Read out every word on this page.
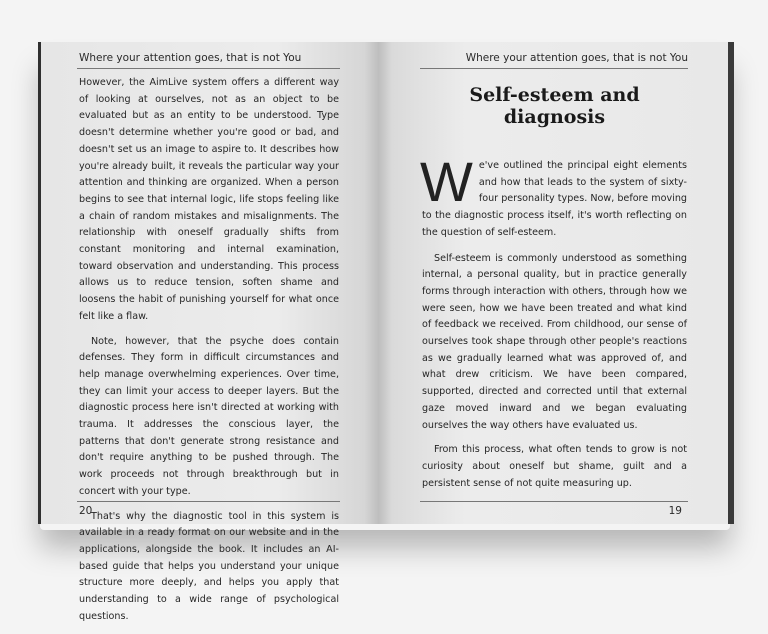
Where your attention goes, that is not You

However, the AimLive system offers a different way of looking at ourselves, not as an object to be evaluated but as an entity to be understood. Type doesn't determine whether you're good or bad, and doesn't set us an image to aspire to. It describes how you're already built, it reveals the particular way your attention and thinking are organized. When a person begins to see that internal logic, life stops feeling like a chain of random mistakes and misalignments. The relationship with oneself gradually shifts from constant monitoring and internal examination, toward observation and understanding. This process allows us to reduce tension, soften shame and loosens the habit of punishing yourself for what once felt like a flaw.

Note, however, that the psyche does contain defenses. They form in difficult circumstances and help manage overwhelming experiences. Over time, they can limit your access to deeper layers. But the diagnostic process here isn't directed at working with trauma. It addresses the conscious layer, the patterns that don't generate strong resistance and don't require anything to be pushed through. The work proceeds not through breakthrough but in concert with your type.

That's why the diagnostic tool in this system is available in a ready format on our website and in the applications, alongside the book. It includes an AI-based guide that helps you understand your unique structure more deeply, and helps you apply that understanding to a wide range of psychological questions.

20
Where your attention goes, that is not You
Self-esteem and diagnosis

We've outlined the principal eight elements and how that leads to the system of sixty-four personality types. Now, before moving to the diagnostic process itself, it's worth reflecting on the question of self-esteem.

Self-esteem is commonly understood as something internal, a personal quality, but in practice generally forms through interaction with others, through how we were seen, how we have been treated and what kind of feedback we received. From childhood, our sense of ourselves took shape through other people's reactions as we gradually learned what was approved of, and what drew criticism. We have been compared, supported, directed and corrected until that external gaze moved inward and we began evaluating ourselves the way others have evaluated us.

From this process, what often tends to grow is not curiosity about oneself but shame, guilt and a persistent sense of not quite measuring up.

19
